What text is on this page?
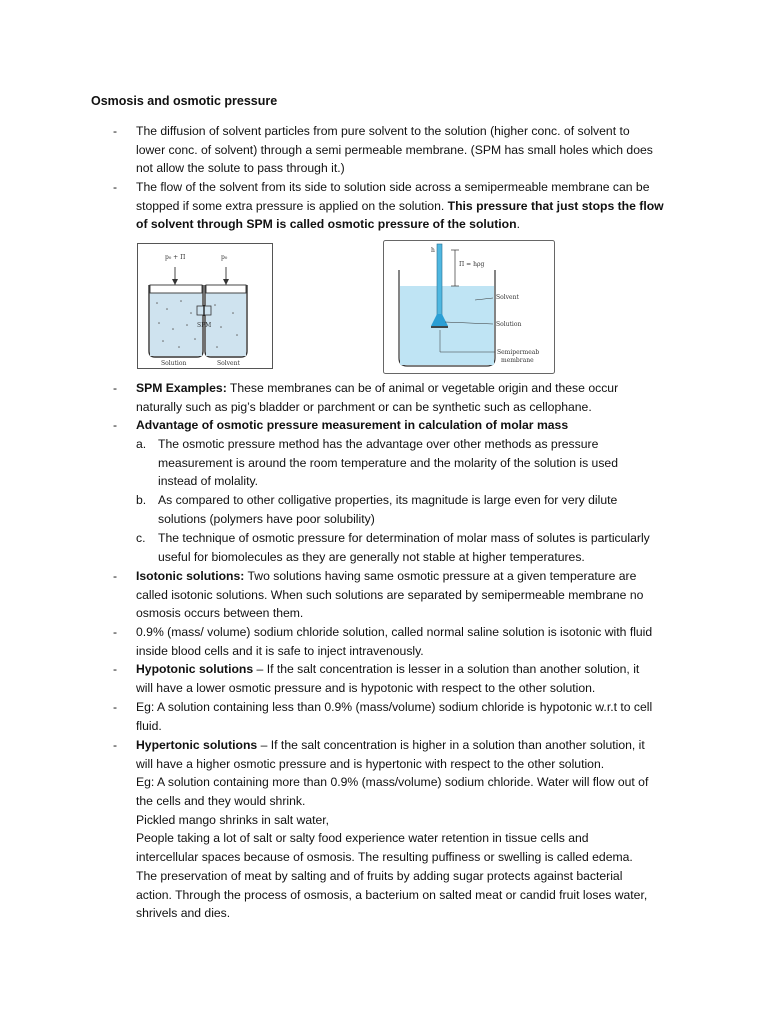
Osmosis and osmotic pressure
- The diffusion of solvent particles from pure solvent to the solution (higher conc. of solvent to
lower conc. of solvent) through a semi permeable membrane. (SPM has small holes which does
not allow the solute to pass through it.)
- The flow of the solvent from its side to solution side across a semipermeable membrane can be
stopped if some extra pressure is applied on the solution. This pressure that just stops the flow
of solvent through SPM is called osmotic pressure of the solution.
p₀ + Π	p₀
SPM
Solution	Solvent
h
Π = hρg
Solvent
Solution
Semipermeab
membrane
- SPM Examples: These membranes can be of animal or vegetable origin and these occur
naturally such as pig’s bladder or parchment or can be synthetic such as cellophane.
- Advantage of osmotic pressure measurement in calculation of molar mass
a. The osmotic pressure method has the advantage over other methods as pressure
measurement is around the room temperature and the molarity of the solution is used
instead of molality.
b. As compared to other colligative properties, its magnitude is large even for very dilute
solutions (polymers have poor solubility)
c. The technique of osmotic pressure for determination of molar mass of solutes is particularly
useful for biomolecules as they are generally not stable at higher temperatures.
- Isotonic solutions: Two solutions having same osmotic pressure at a given temperature are
called isotonic solutions. When such solutions are separated by semipermeable membrane no
osmosis occurs between them.
- 0.9% (mass/ volume) sodium chloride solution, called normal saline solution is isotonic with fluid
inside blood cells and it is safe to inject intravenously.
- Hypotonic solutions – If the salt concentration is lesser in a solution than another solution, it
will have a lower osmotic pressure and is hypotonic with respect to the other solution.
- Eg: A solution containing less than 0.9% (mass/volume) sodium chloride is hypotonic w.r.t to cell
fluid.
- Hypertonic solutions – If the salt concentration is higher in a solution than another solution, it
will have a higher osmotic pressure and is hypertonic with respect to the other solution.
Eg: A solution containing more than 0.9% (mass/volume) sodium chloride. Water will flow out of
the cells and they would shrink.
Pickled mango shrinks in salt water,
People taking a lot of salt or salty food experience water retention in tissue cells and
intercellular spaces because of osmosis. The resulting puffiness or swelling is called edema.
The preservation of meat by salting and of fruits by adding sugar protects against bacterial
action. Through the process of osmosis, a bacterium on salted meat or candid fruit loses water,
shrivels and dies.
